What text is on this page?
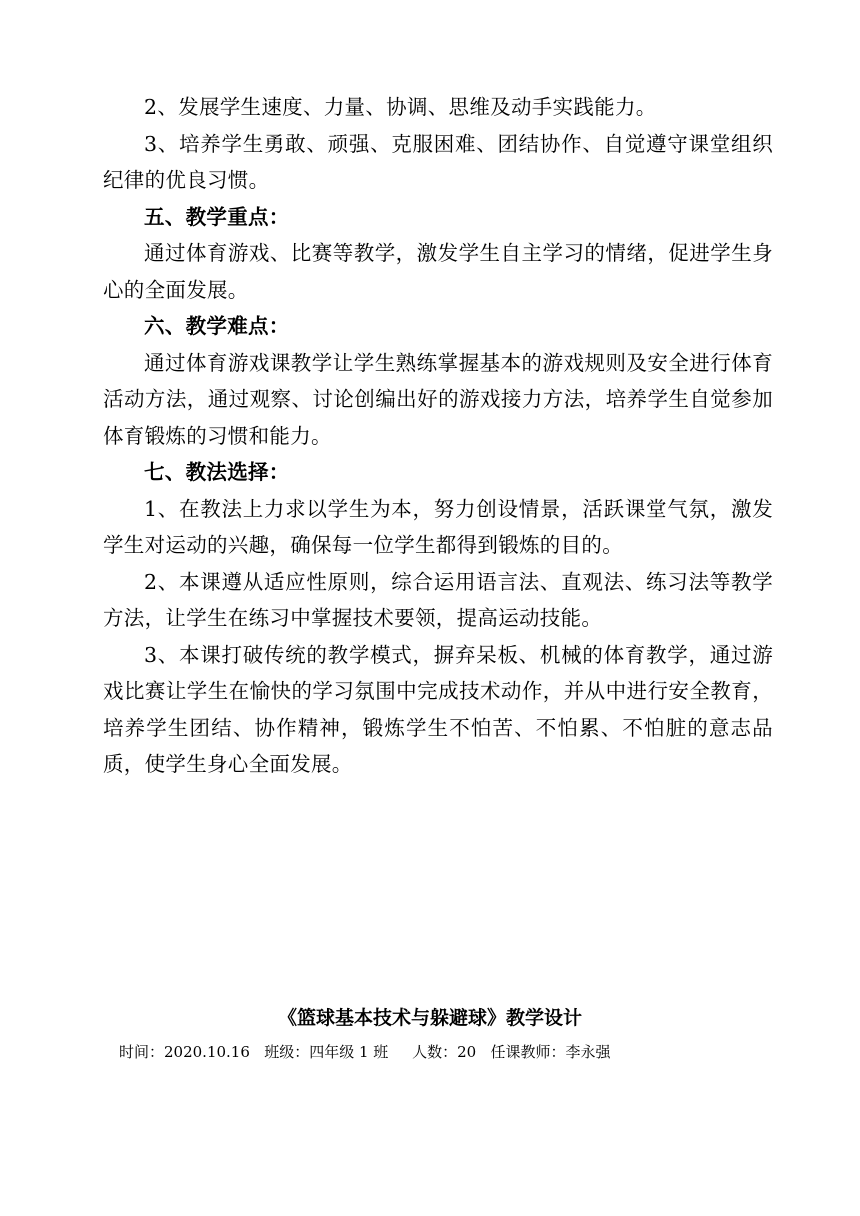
2、发展学生速度、力量、协调、思维及动手实践能力。

3、培养学生勇敢、顽强、克服困难、团结协作、自觉遵守课堂组织纪律的优良习惯。

五、教学重点：

通过体育游戏、比赛等教学，激发学生自主学习的情绪，促进学生身心的全面发展。

六、教学难点：

通过体育游戏课教学让学生熟练掌握基本的游戏规则及安全进行体育活动方法，通过观察、讨论创编出好的游戏接力方法，培养学生自觉参加体育锻炼的习惯和能力。

七、教法选择：

1、在教法上力求以学生为本，努力创设情景，活跃课堂气氛，激发学生对运动的兴趣，确保每一位学生都得到锻炼的目的。

2、本课遵从适应性原则，综合运用语言法、直观法、练习法等教学方法，让学生在练习中掌握技术要领，提高运动技能。

3、本课打破传统的教学模式，摒弃呆板、机械的体育教学，通过游戏比赛让学生在愉快的学习氛围中完成技术动作，并从中进行安全教育，培养学生团结、协作精神，锻炼学生不怕苦、不怕累、不怕脏的意志品质，使学生身心全面发展。

《篮球基本技术与躲避球》教学设计
时间：2020.10.16   班级：四年级 1 班     人数：20   任课教师：李永强
